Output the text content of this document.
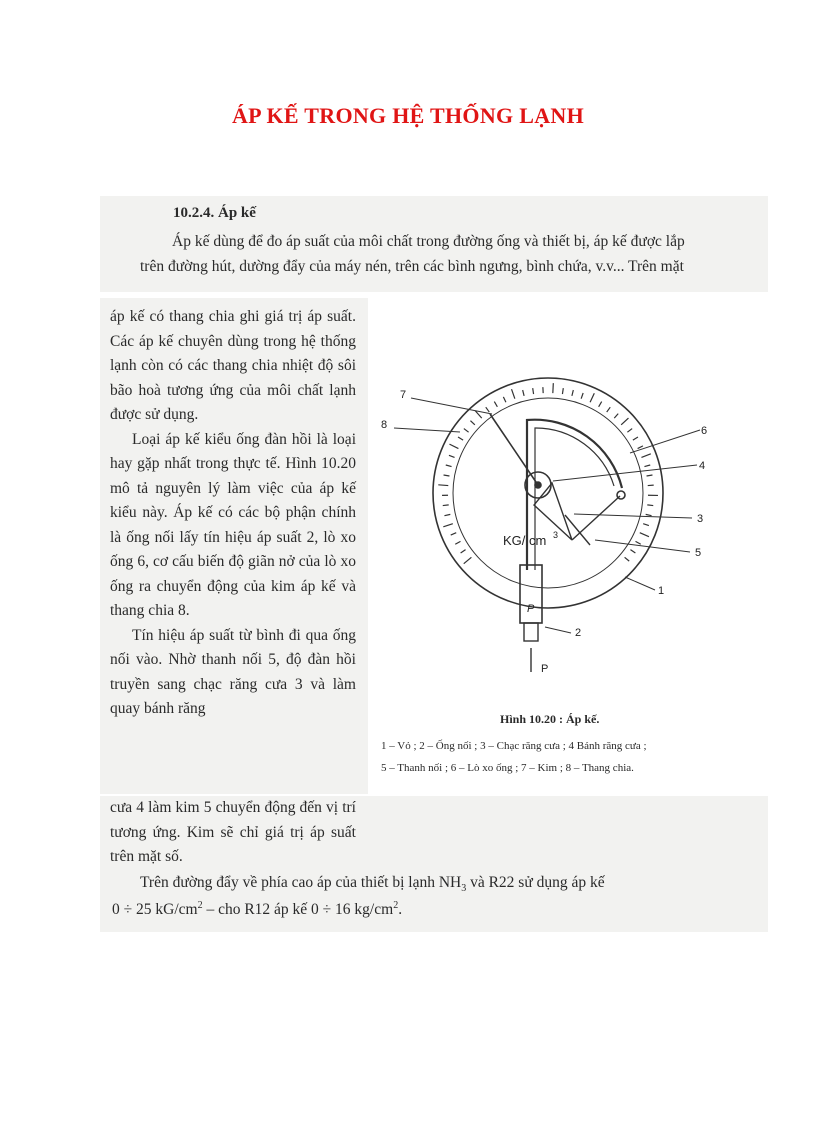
ÁP KẾ TRONG HỆ THỐNG LẠNH
10.2.4. Áp kế
Áp kế dùng để đo áp suất của môi chất trong đường ống và thiết bị, áp kế được lắp
trên đường hút, dường đẩy của máy nén, trên các bình ngưng, bình chứa, v.v... Trên mặt

áp kế có thang chia ghi giá trị áp suất. Các áp kế chuyên dùng trong hệ thống lạnh còn có các thang chia nhiệt độ sôi bão hoà tương ứng của môi chất lạnh được sử dụng.

Loại áp kế kiểu ống đàn hồi là loại hay gặp nhất trong thực tế. Hình 10.20 mô tả nguyên lý làm việc của áp kế kiểu này. Áp kế có các bộ phận chính là ống nối lấy tín hiệu áp suất 2, lò xo ống 6, cơ cấu biến độ giãn nở của lò xo ống ra chuyển động của kim áp kế và thang chia 8.

Tín hiệu áp suất từ bình đi qua ống nối vào. Nhờ thanh nối 5, độ đàn hồi truyền sang chạc răng cưa 3 và làm quay bánh răng

cưa 4 làm kim 5 chuyển động đến vị trí tương ứng. Kim sẽ chỉ giá trị áp suất trên mặt số.

7
8	6
4
3
5
1
2
P
P
KG/ cm 3
Hình 10.20 : Áp kế.
1 – Vỏ ; 2 – Ống nối ; 3 – Chạc răng cưa ; 4 Bánh răng cưa ;
5 – Thanh nối ; 6 – Lò xo ống ; 7 – Kim ; 8 – Thang chia.
Trên đường đẩy về phía cao áp của thiết bị lạnh $NH_3$ và R22 sử dụng áp kế
0 ÷ 25 $kG/cm^2$ – cho R12 áp kế 0 ÷ 16 $kg/cm^2$.
